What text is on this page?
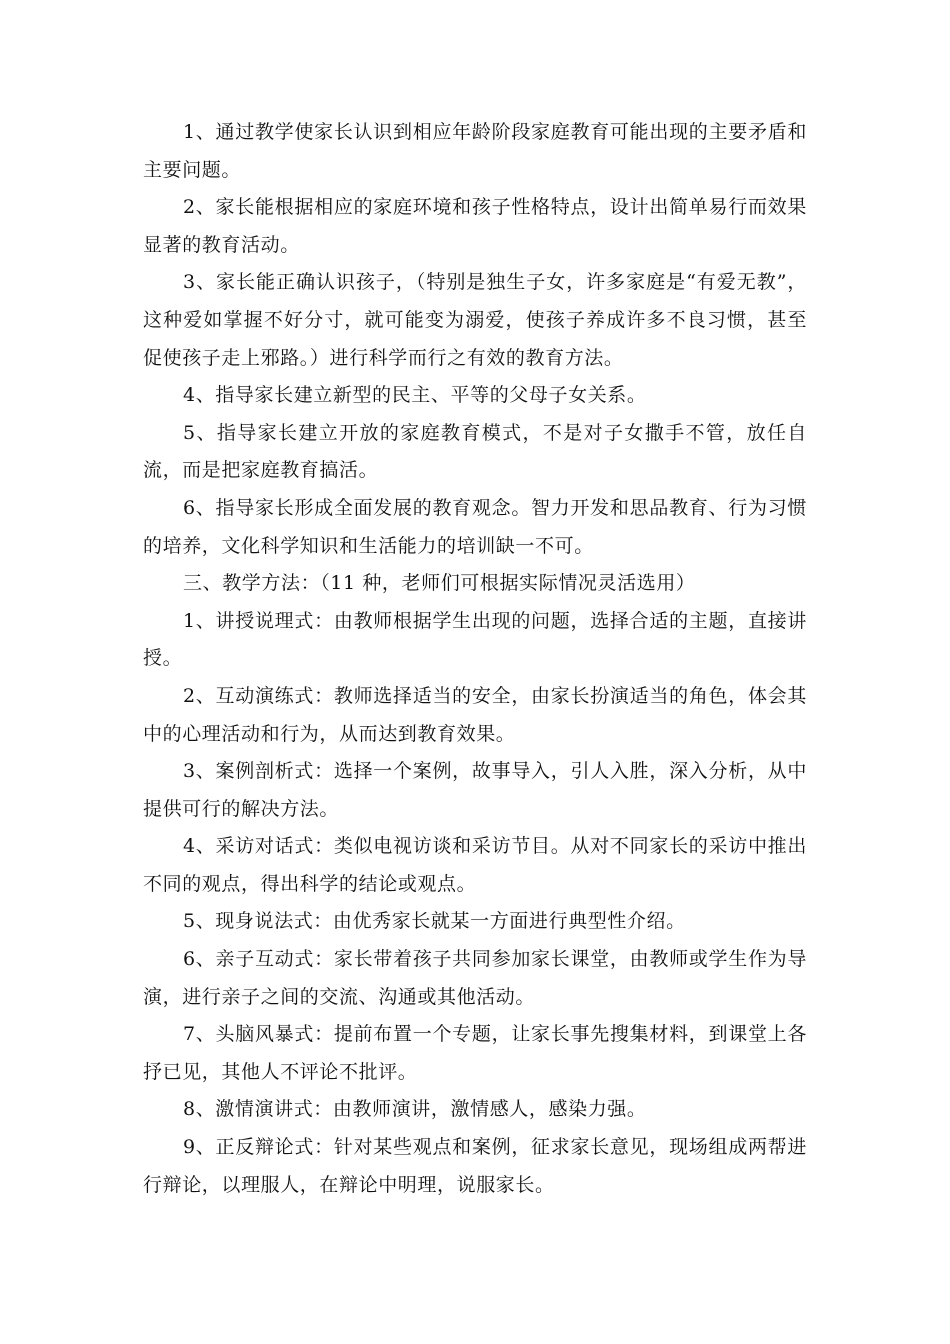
1、通过教学使家长认识到相应年龄阶段家庭教育可能出现的主要矛盾和主要问题。

2、家长能根据相应的家庭环境和孩子性格特点，设计出简单易行而效果显著的教育活动。

3、家长能正确认识孩子，（特别是独生子女，许多家庭是“有爱无教”，这种爱如掌握不好分寸，就可能变为溺爱，使孩子养成许多不良习惯，甚至促使孩子走上邪路。）进行科学而行之有效的教育方法。

4、指导家长建立新型的民主、平等的父母子女关系。

5、指导家长建立开放的家庭教育模式，不是对子女撒手不管，放任自流，而是把家庭教育搞活。

6、指导家长形成全面发展的教育观念。智力开发和思品教育、行为习惯的培养，文化科学知识和生活能力的培训缺一不可。

三、教学方法：（11 种，老师们可根据实际情况灵活选用）

1、讲授说理式：由教师根据学生出现的问题，选择合适的主题，直接讲授。

2、互动演练式：教师选择适当的安全，由家长扮演适当的角色，体会其中的心理活动和行为，从而达到教育效果。

3、案例剖析式：选择一个案例，故事导入，引人入胜，深入分析，从中提供可行的解决方法。

4、采访对话式：类似电视访谈和采访节目。从对不同家长的采访中推出不同的观点，得出科学的结论或观点。

5、现身说法式：由优秀家长就某一方面进行典型性介绍。

6、亲子互动式：家长带着孩子共同参加家长课堂，由教师或学生作为导演，进行亲子之间的交流、沟通或其他活动。

7、头脑风暴式：提前布置一个专题，让家长事先搜集材料，到课堂上各抒已见，其他人不评论不批评。

8、激情演讲式：由教师演讲，激情感人，感染力强。

9、正反辩论式：针对某些观点和案例，征求家长意见，现场组成两帮进行辩论，以理服人，在辩论中明理，说服家长。
